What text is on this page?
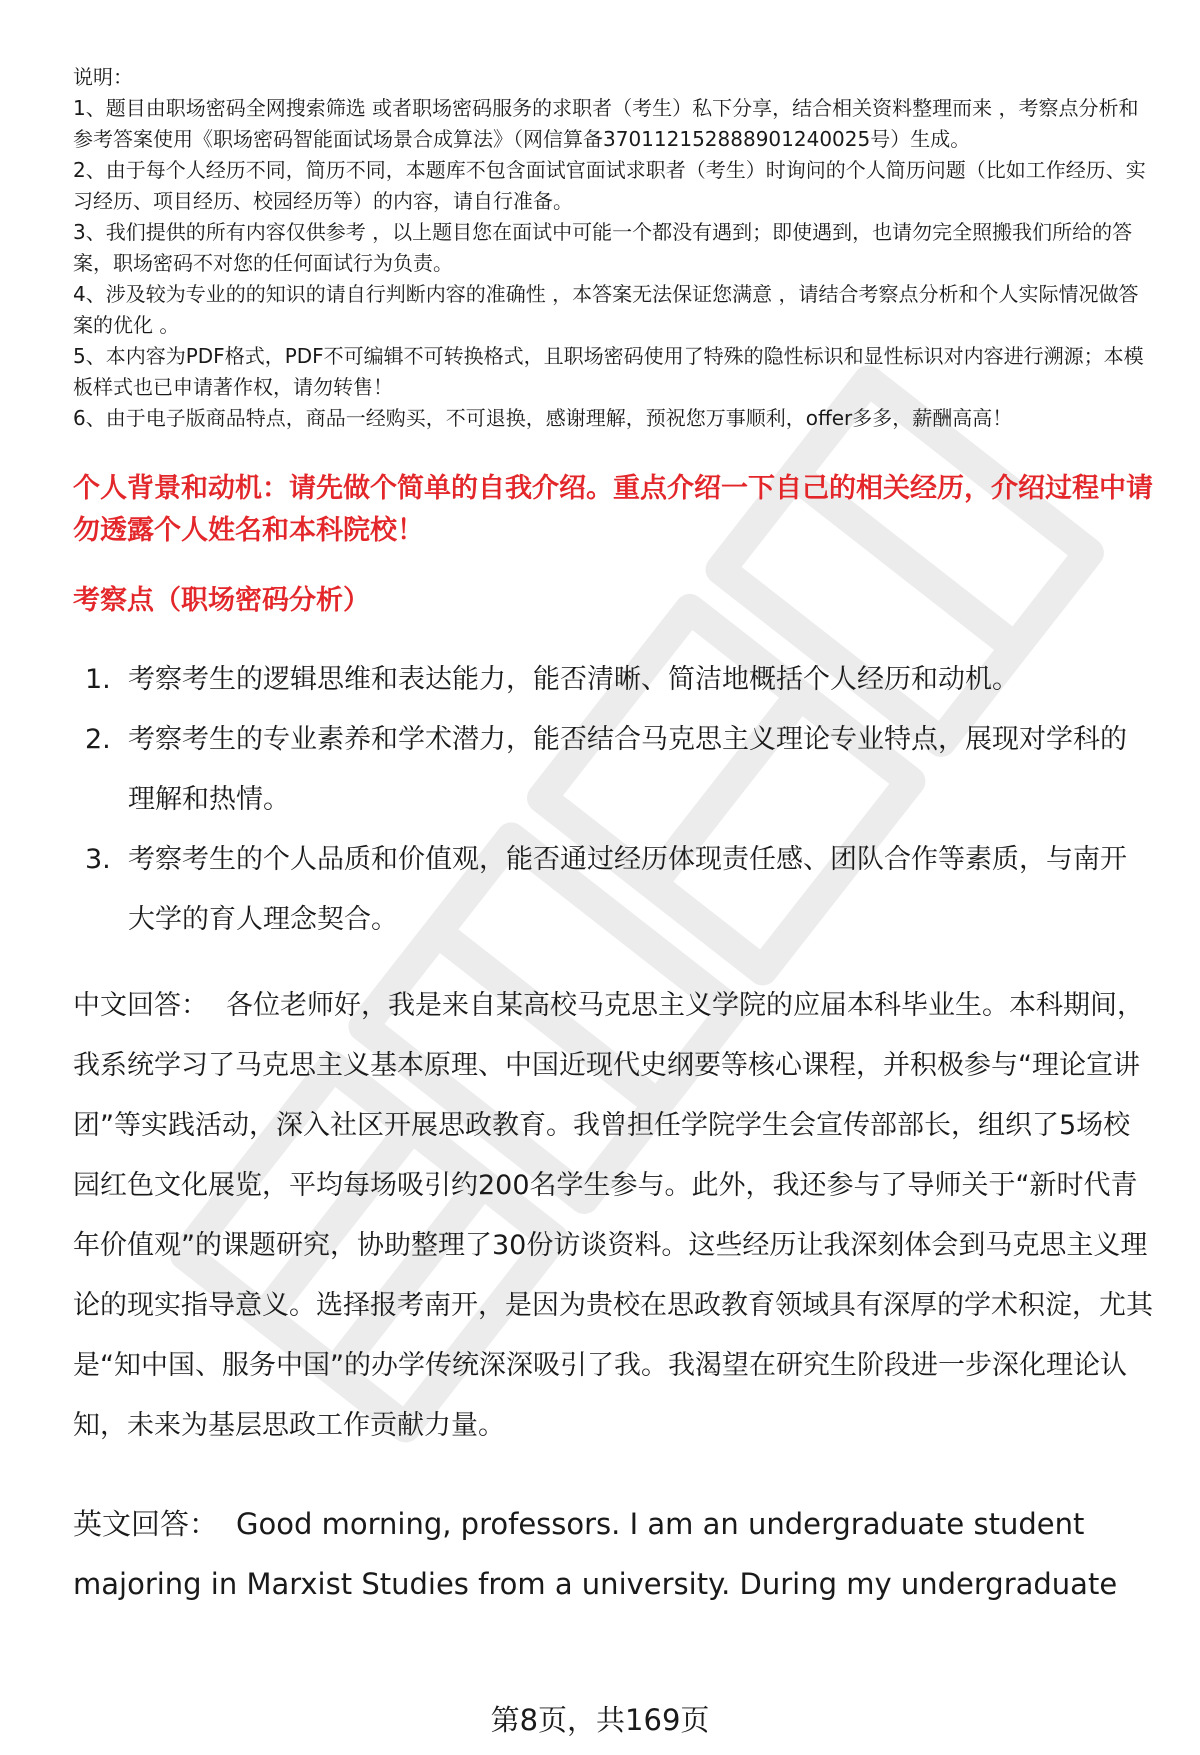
说明：

1、题目由职场密码全网搜索筛选 或者职场密码服务的求职者（考生）私下分享，结合相关资料整理而来 ，考察点分析和参考答案使用《职场密码智能面试场景合成算法》（网信算备370112152888901240025号）生成。

2、由于每个人经历不同，简历不同，本题库不包含面试官面试求职者（考生）时询问的个人简历问题（比如工作经历、实习经历、项目经历、校园经历等）的内容，请自行准备。

3、我们提供的所有内容仅供参考 ，以上题目您在面试中可能一个都没有遇到；即使遇到，也请勿完全照搬我们所给的答案，职场密码不对您的任何面试行为负责。

4、涉及较为专业的的知识的请自行判断内容的准确性 ，本答案无法保证您满意 ，请结合考察点分析和个人实际情况做答案的优化 。

5、本内容为PDF格式，PDF不可编辑不可转换格式，且职场密码使用了特殊的隐性标识和显性标识对内容进行溯源；本模板样式也已申请著作权，请勿转售！

6、由于电子版商品特点，商品一经购买，不可退换，感谢理解，预祝您万事顺利，offer多多，薪酬高高！

个人背景和动机：请先做个简单的自我介绍。重点介绍一下自己的相关经历，介绍过程中请勿透露个人姓名和本科院校！
考察点（职场密码分析）
1. 考察考生的逻辑思维和表达能力，能否清晰、简洁地概括个人经历和动机。
2. 考察考生的专业素养和学术潜力，能否结合马克思主义理论专业特点，展现对学科的理解和热情。
3. 考察考生的个人品质和价值观，能否通过经历体现责任感、团队合作等素质，与南开大学的育人理念契合。
中文回答： 各位老师好，我是来自某高校马克思主义学院的应届本科毕业生。本科期间，我系统学习了马克思主义基本原理、中国近现代史纲要等核心课程，并积极参与“理论宣讲团”等实践活动，深入社区开展思政教育。我曾担任学院学生会宣传部部长，组织了5场校园红色文化展览，平均每场吸引约200名学生参与。此外，我还参与了导师关于“新时代青年价值观”的课题研究，协助整理了30份访谈资料。这些经历让我深刻体会到马克思主义理论的现实指导意义。选择报考南开，是因为贵校在思政教育领域具有深厚的学术积淀，尤其是“知中国、服务中国”的办学传统深深吸引了我。我渴望在研究生阶段进一步深化理论认知，未来为基层思政工作贡献力量。
英文回答： Good morning, professors. I am an undergraduate student majoring in Marxist Studies from a university. During my undergraduate
第8页，共169页
